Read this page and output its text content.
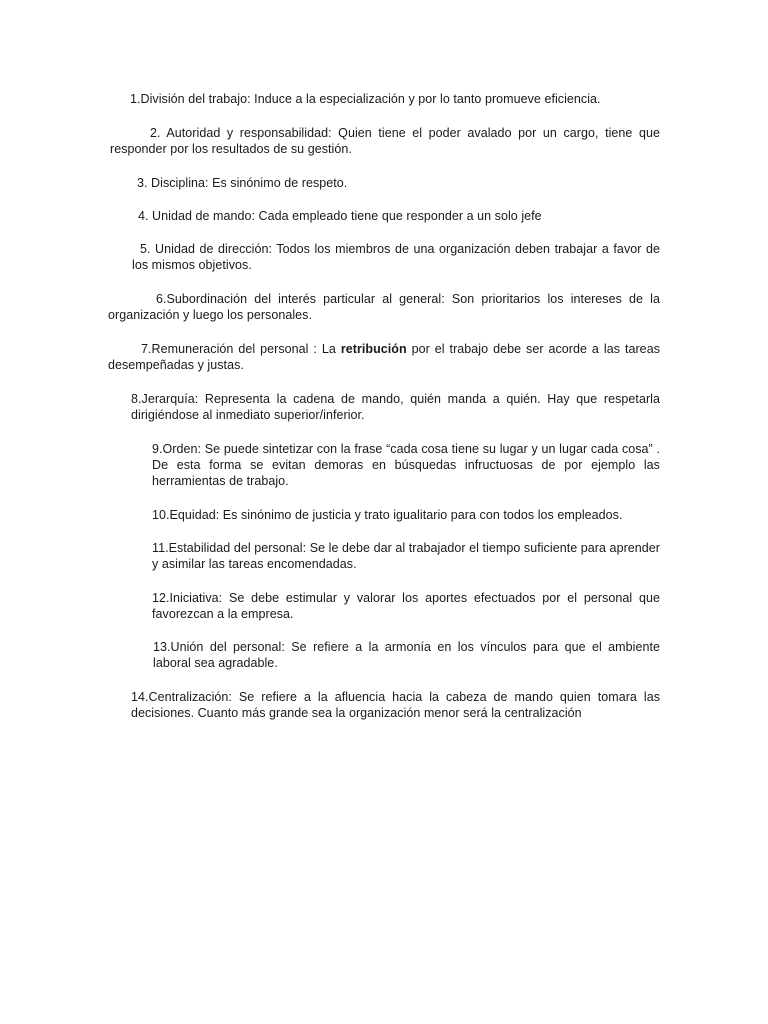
1.División del trabajo: Induce a la especialización y por lo tanto promueve eficiencia.

2. Autoridad y responsabilidad: Quien tiene el poder avalado por un cargo, tiene que responder por los resultados de su gestión.

3. Disciplina: Es sinónimo de respeto.

4. Unidad de mando: Cada empleado tiene que responder a un solo jefe

5. Unidad de dirección: Todos los miembros de una organización deben trabajar a favor de los mismos objetivos.

6.Subordinación del interés particular al general: Son prioritarios los intereses de la organización y luego los personales.

7.Remuneración del personal : La retribución por el trabajo debe ser acorde a las tareas desempeñadas y justas.

8.Jerarquía: Representa la cadena de mando, quién manda a quién. Hay que respetarla dirigiéndose al inmediato superior/inferior.

9.Orden: Se puede sintetizar con la frase “cada cosa tiene su lugar y un lugar cada cosa” . De esta forma se evitan demoras en búsquedas infructuosas de por ejemplo las herramientas de trabajo.

10.Equidad: Es sinónimo de justicia y trato igualitario para con todos los empleados.

11.Estabilidad del personal: Se le debe dar al trabajador el tiempo suficiente para aprender y asimilar las tareas encomendadas.

12.Iniciativa: Se debe estimular y valorar los aportes efectuados por el personal que favorezcan a la empresa.

13.Unión del personal: Se refiere a la armonía en los vínculos para que el ambiente laboral sea agradable.

14.Centralización: Se refiere a la afluencia hacia la cabeza de mando quien tomara las decisiones. Cuanto más grande sea la organización menor será la centralización
